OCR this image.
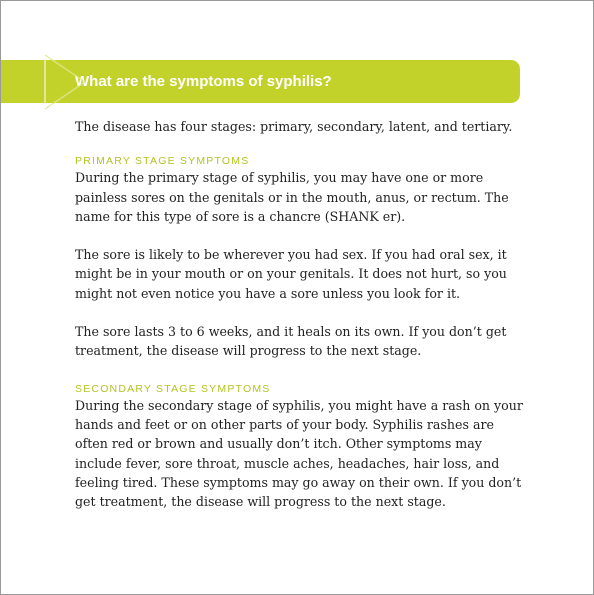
What are the symptoms of syphilis?

The disease has four stages: primary, secondary, latent, and tertiary.

PRIMARY STAGE SYMPTOMS

During the primary stage of syphilis, you may have one or more painless sores on the genitals or in the mouth, anus, or rectum. The name for this type of sore is a chancre (SHANK er).

The sore is likely to be wherever you had sex. If you had oral sex, it might be in your mouth or on your genitals. It does not hurt, so you might not even notice you have a sore unless you look for it.

The sore lasts 3 to 6 weeks, and it heals on its own. If you don’t get treatment, the disease will progress to the next stage.

SECONDARY STAGE SYMPTOMS

During the secondary stage of syphilis, you might have a rash on your hands and feet or on other parts of your body. Syphilis rashes are often red or brown and usually don’t itch. Other symptoms may include fever, sore throat, muscle aches, headaches, hair loss, and feeling tired. These symptoms may go away on their own. If you don’t get treatment, the disease will progress to the next stage.
